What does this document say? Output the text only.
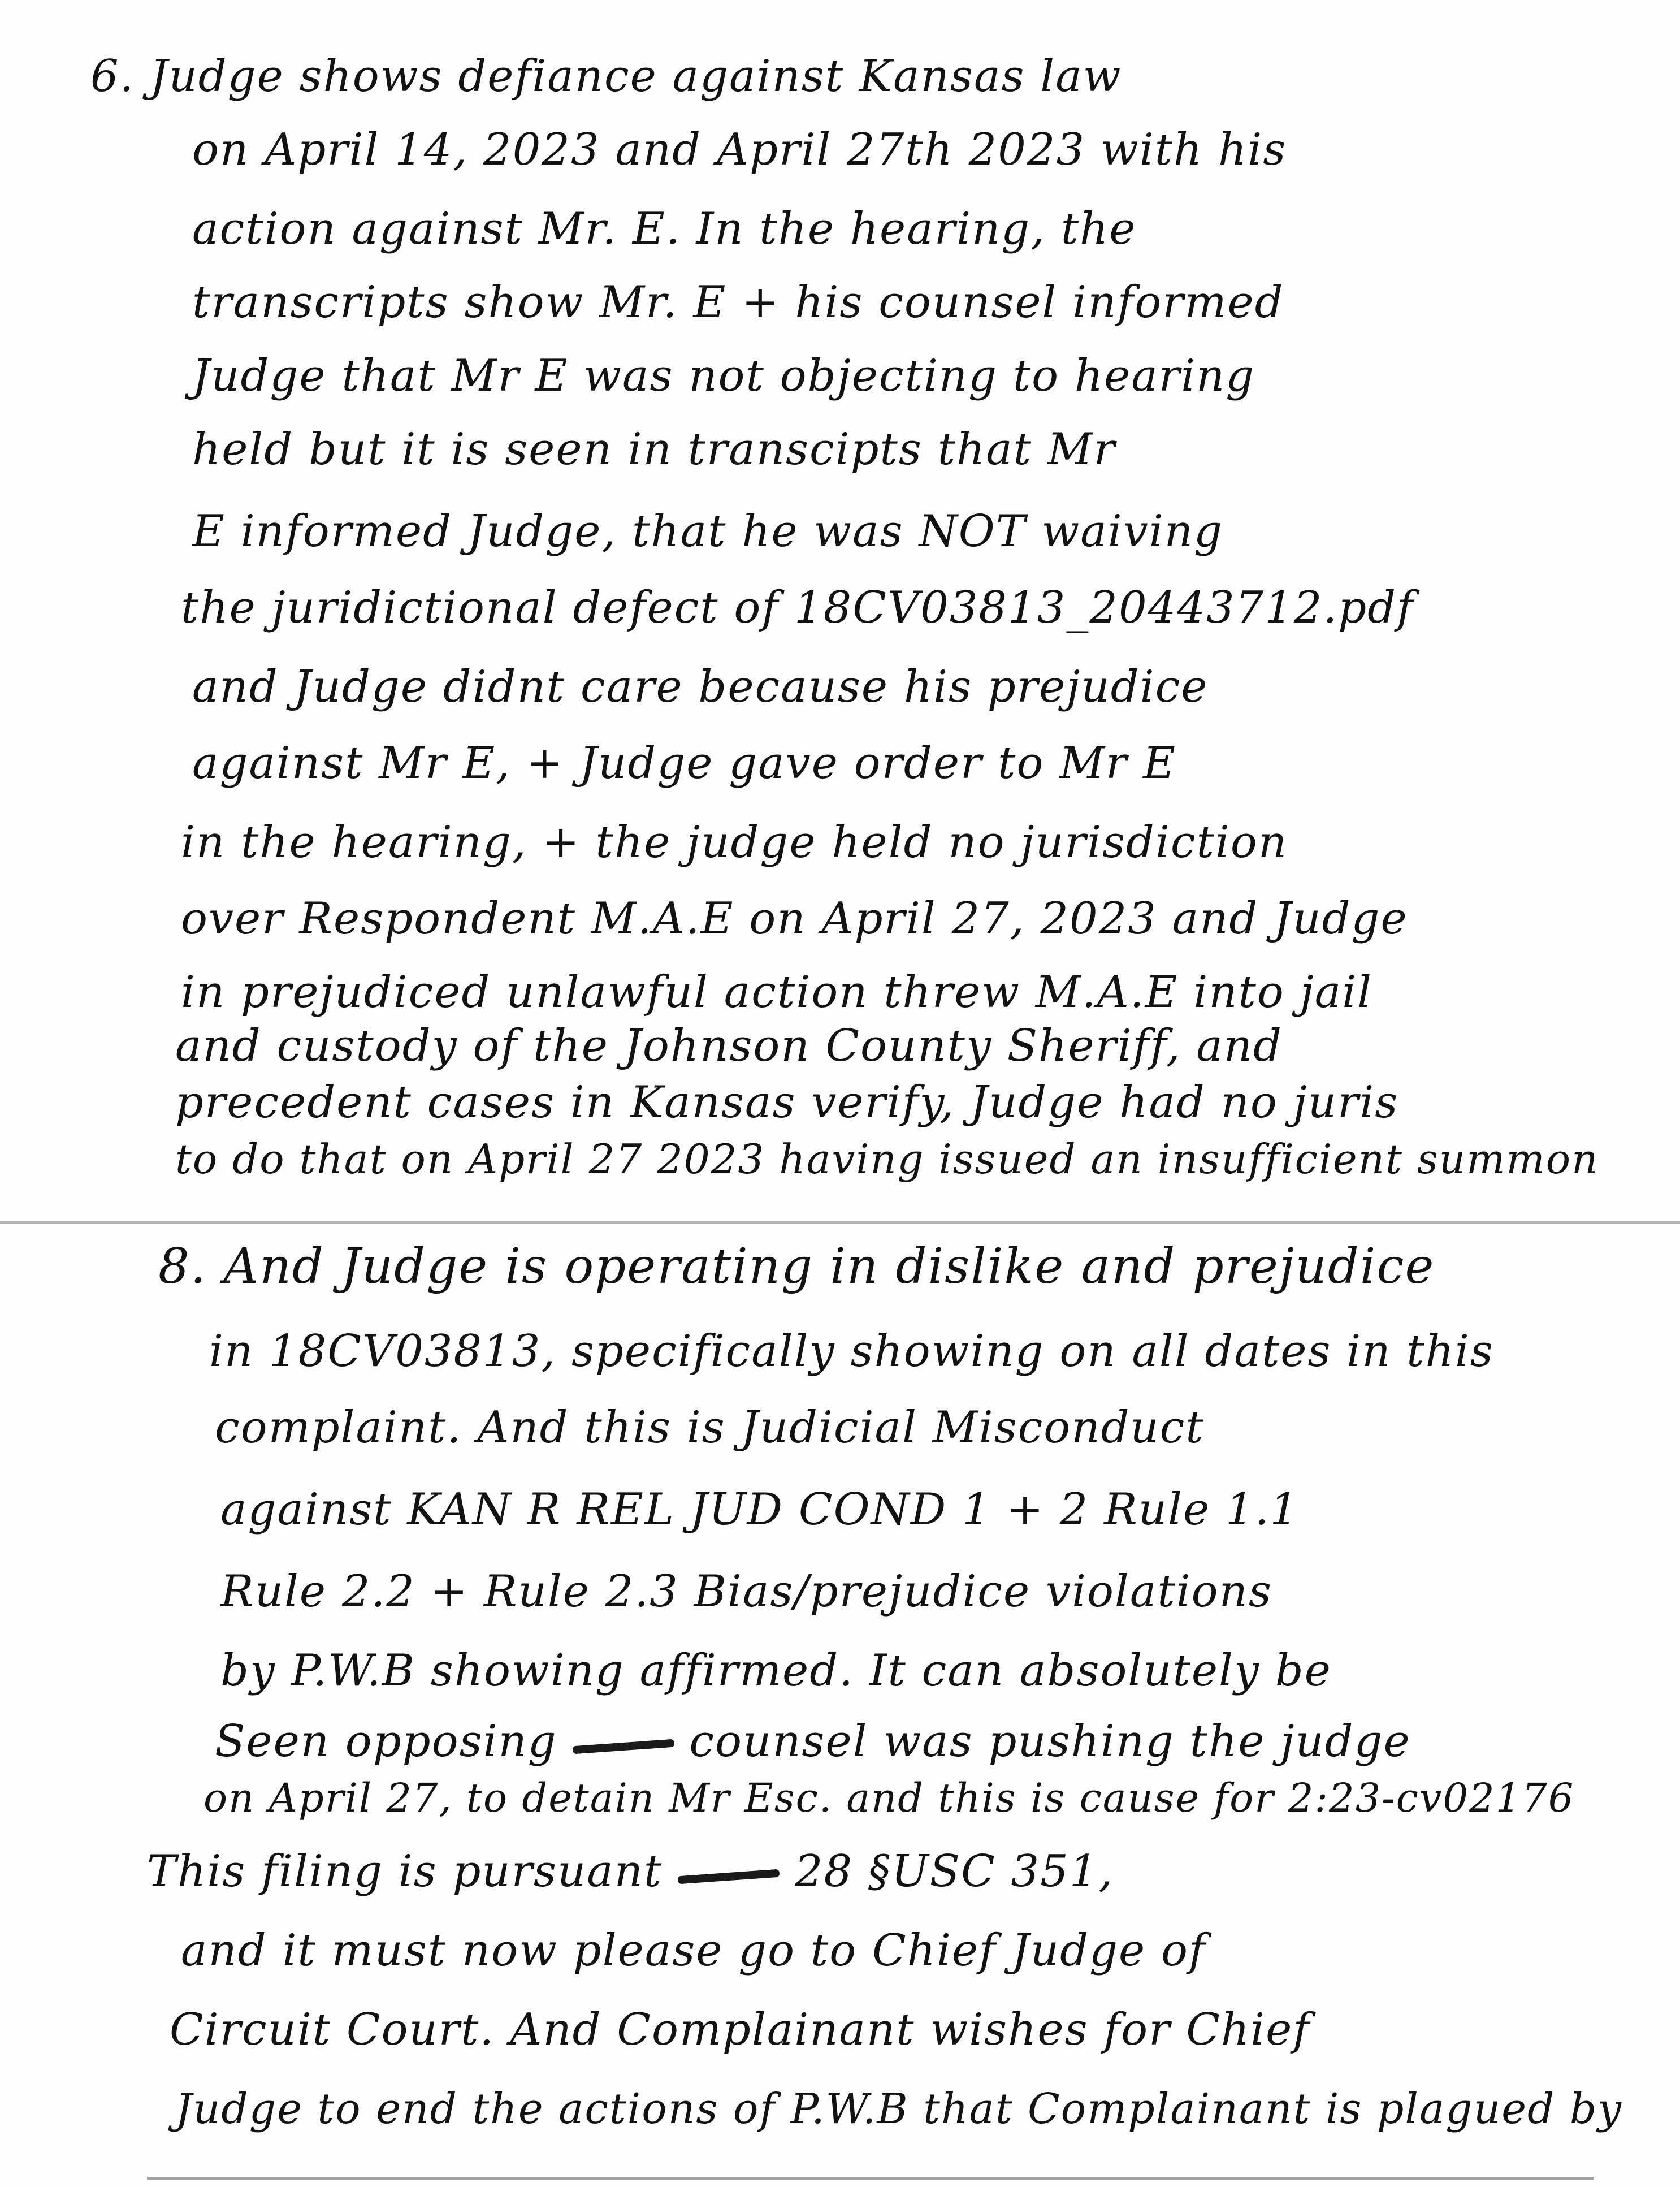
6. Judge shows defiance against Kansas law
on April 14, 2023 and April 27th 2023 with his
action against Mr. E. In the hearing, the
transcripts show Mr. E + his counsel informed
Judge that Mr E was not objecting to hearing
held but it is seen in transcipts that Mr
E informed Judge, that he was NOT waiving
the juridictional defect of 18CV03813_20443712.pdf
and Judge didnt care because his prejudice
against Mr E, + Judge gave order to Mr E
in the hearing, + the judge held no jurisdiction
over Respondent M.A.E on April 27, 2023 and Judge
in prejudiced unlawful action threw M.A.E into jail
and custody of the Johnson County Sheriff, and
precedent cases in Kansas verify, Judge had no juris
to do that on April 27 2023 having issued an insufficient summon
8. And Judge is operating in dislike and prejudice
in 18CV03813, specifically showing on all dates in this
complaint. And this is Judicial Misconduct
against KAN R REL JUD COND 1 + 2 Rule 1.1
Rule 2.2 + Rule 2.3 Bias/prejudice violations
by P.W.B showing affirmed. It can absolutely be
Seen opposing	counsel was pushing the judge
on April 27, to detain Mr Esc. and this is cause for 2:23-cv02176
This filing is pursuant	28 §USC 351,
and it must now please go to Chief Judge of
Circuit Court. And Complainant wishes for Chief
Judge to end the actions of P.W.B that Complainant is plagued by
